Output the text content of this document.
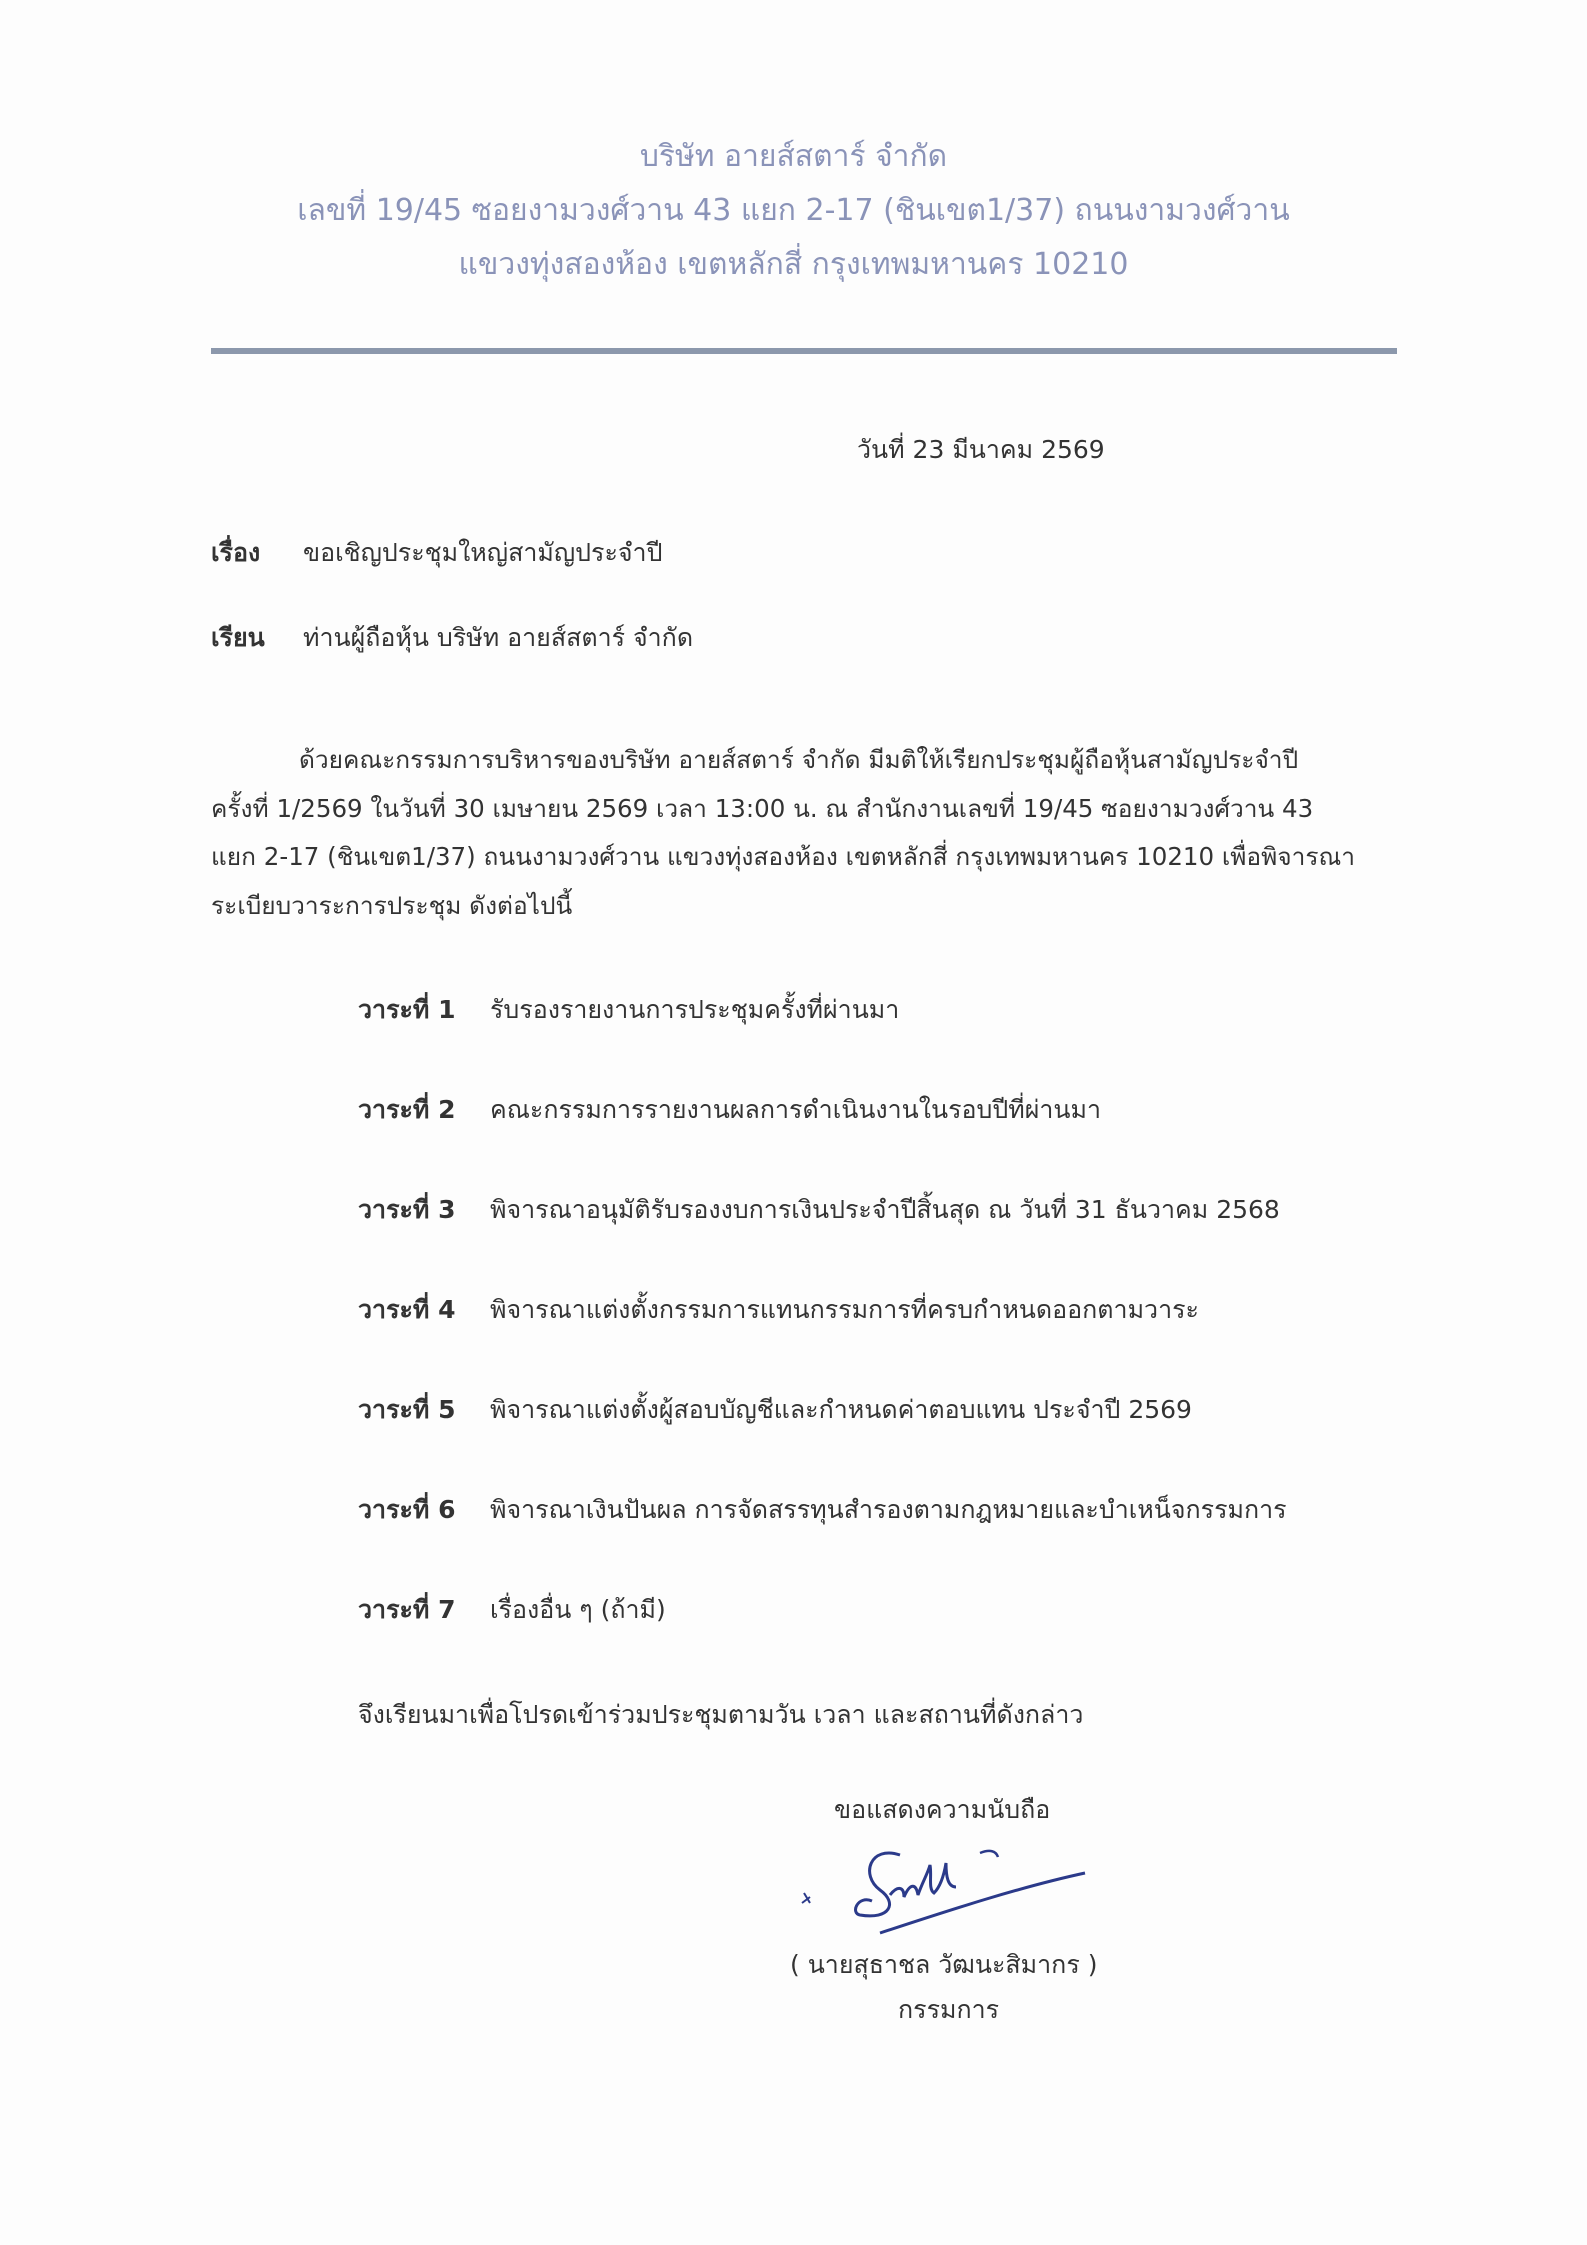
บริษัท อายส์สตาร์ จำกัด
เลขที่ 19/45 ซอยงามวงศ์วาน 43 แยก 2-17 (ชินเขต1/37) ถนนงามวงศ์วาน
แขวงทุ่งสองห้อง เขตหลักสี่ กรุงเทพมหานคร 10210
วันที่ 23 มีนาคม 2569
เรื่อง ขอเชิญประชุมใหญ่สามัญประจำปี
เรียน ท่านผู้ถือหุ้น บริษัท อายส์สตาร์ จำกัด
ด้วยคณะกรรมการบริหารของบริษัท อายส์สตาร์ จำกัด มีมติให้เรียกประชุมผู้ถือหุ้นสามัญประจำปี
ครั้งที่ 1/2569 ในวันที่ 30 เมษายน 2569 เวลา 13:00 น. ณ สำนักงานเลขที่ 19/45 ซอยงามวงศ์วาน 43
แยก 2-17 (ชินเขต1/37) ถนนงามวงศ์วาน แขวงทุ่งสองห้อง เขตหลักสี่ กรุงเทพมหานคร 10210 เพื่อพิจารณา
ระเบียบวาระการประชุม ดังต่อไปนี้
วาระที่ 1 รับรองรายงานการประชุมครั้งที่ผ่านมา
วาระที่ 2 คณะกรรมการรายงานผลการดำเนินงานในรอบปีที่ผ่านมา
วาระที่ 3 พิจารณาอนุมัติรับรองงบการเงินประจำปีสิ้นสุด ณ วันที่ 31 ธันวาคม 2568
วาระที่ 4 พิจารณาแต่งตั้งกรรมการแทนกรรมการที่ครบกำหนดออกตามวาระ
วาระที่ 5 พิจารณาแต่งตั้งผู้สอบบัญชีและกำหนดค่าตอบแทน ประจำปี 2569
วาระที่ 6 พิจารณาเงินปันผล การจัดสรรทุนสำรองตามกฎหมายและบำเหน็จกรรมการ
วาระที่ 7 เรื่องอื่น ๆ (ถ้ามี)
จึงเรียนมาเพื่อโปรดเข้าร่วมประชุมตามวัน เวลา และสถานที่ดังกล่าว
ขอแสดงความนับถือ
( นายสุธาชล วัฒนะสิมากร )
กรรมการ
